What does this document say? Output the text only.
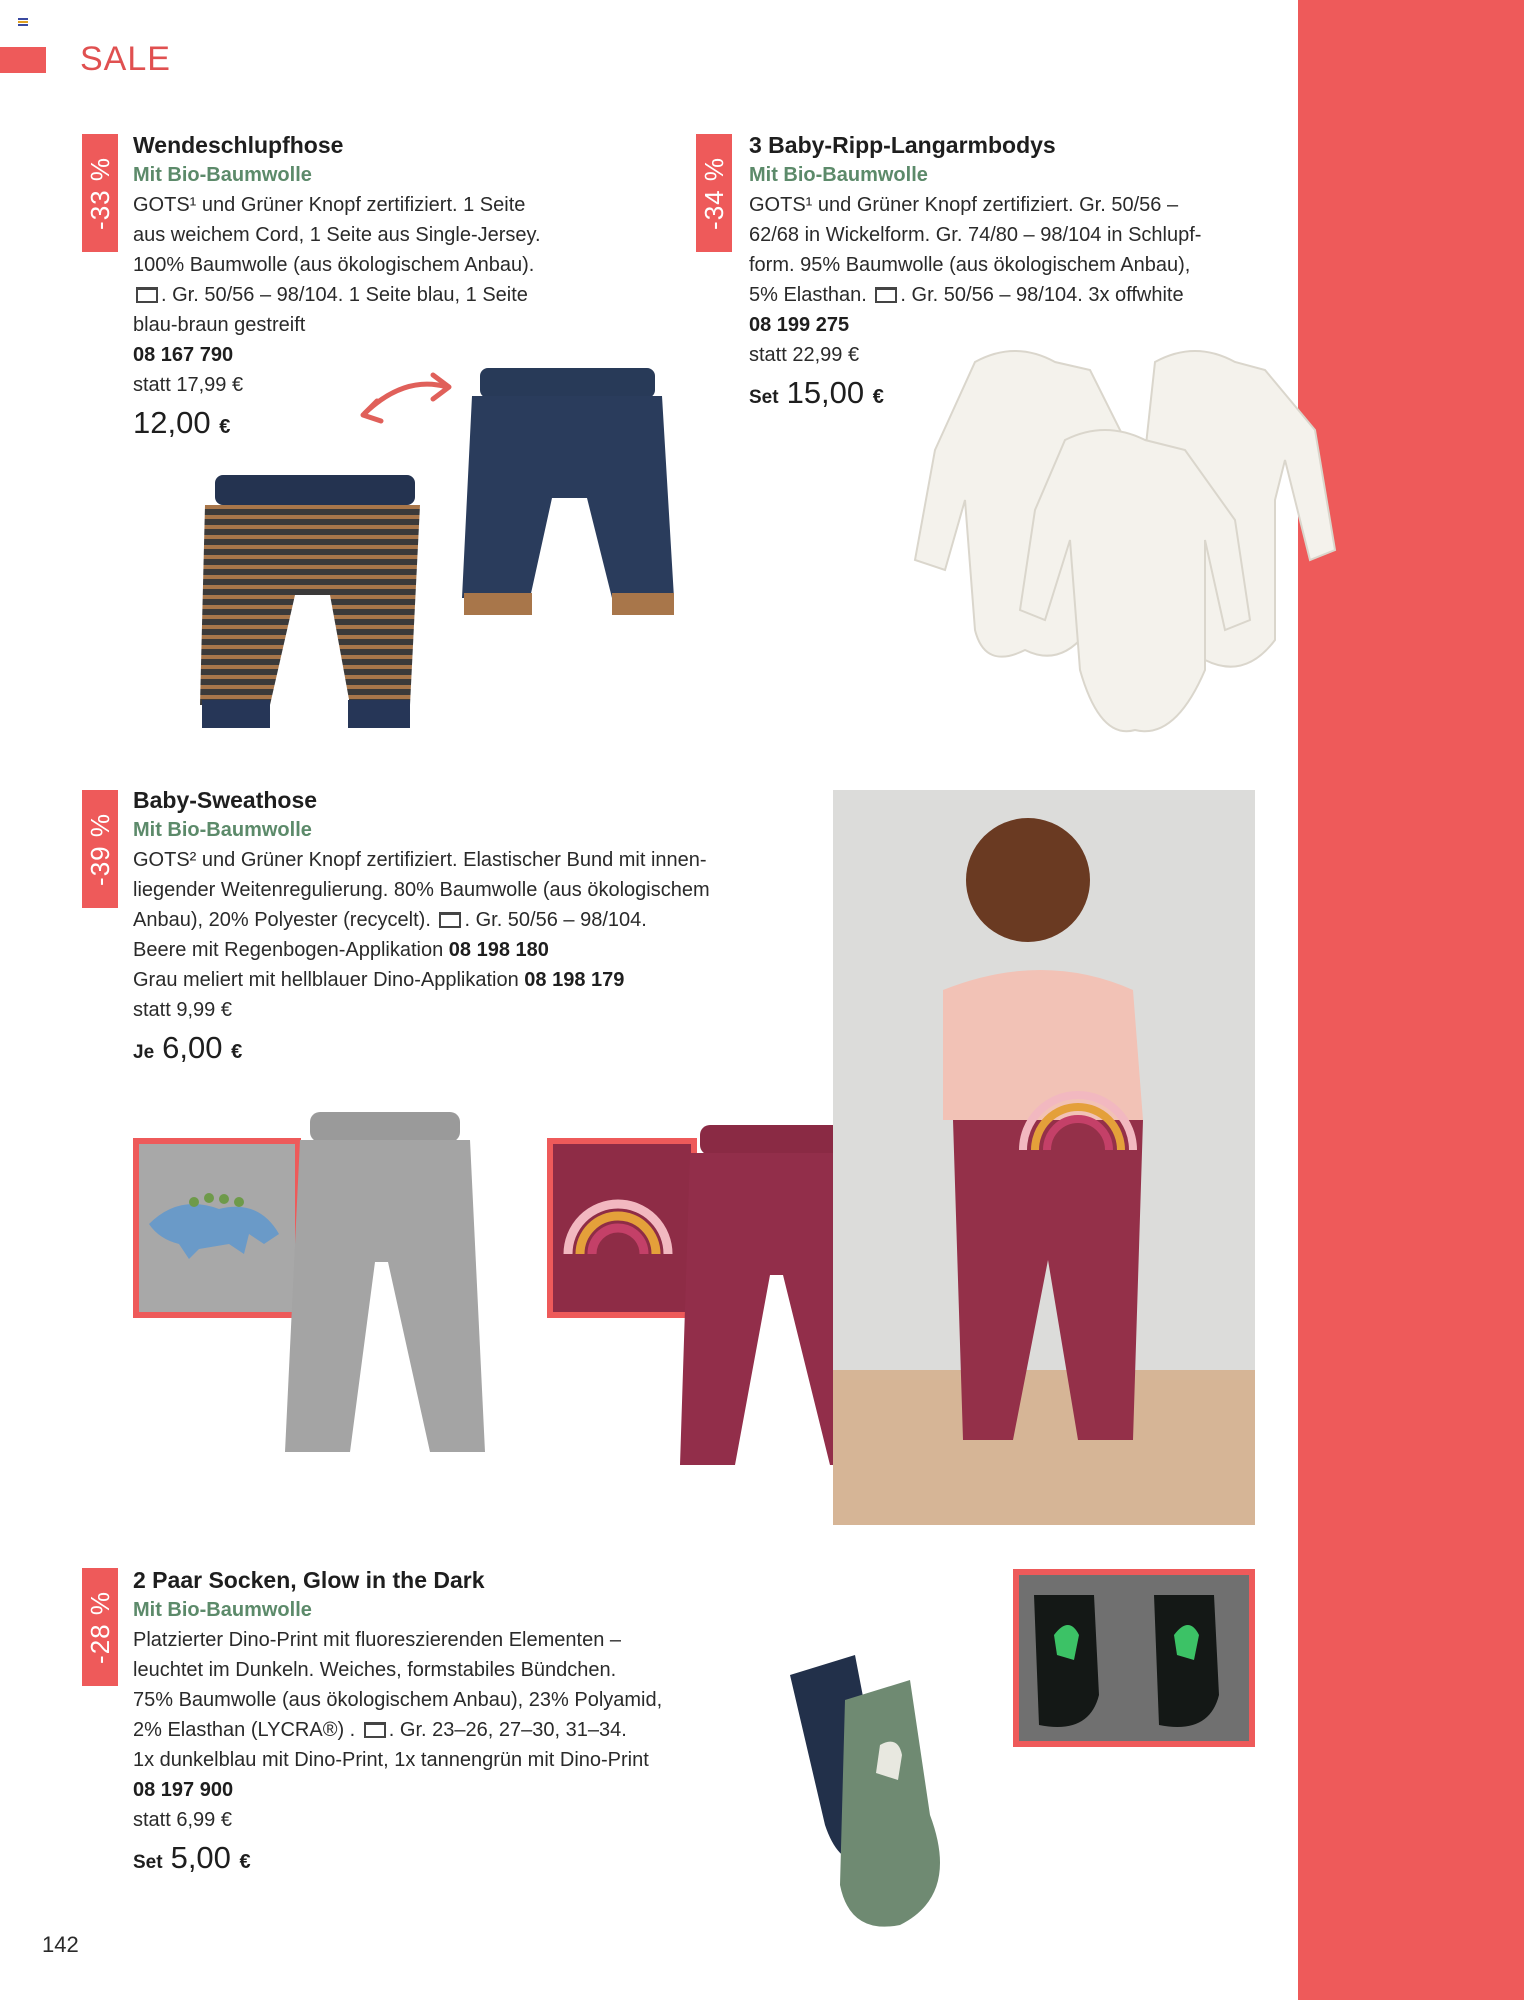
SALE
-33 %
Wendeschlupfhose
Mit Bio-Baumwolle
GOTS¹ und Grüner Knopf zertifiziert. 1 Seite
aus weichem Cord, 1 Seite aus Single-Jersey.
100% Baumwolle (aus ökologischem Anbau).
. Gr. 50/56 – 98/104. 1 Seite blau, 1 Seite
blau-braun gestreift
08 167 790
statt 17,99 €
12,00 €
-34 %
3 Baby-Ripp-Langarmbodys
Mit Bio-Baumwolle
GOTS¹ und Grüner Knopf zertifiziert. Gr. 50/56 –
62/68 in Wickelform. Gr. 74/80 – 98/104 in Schlupf-
form. 95% Baumwolle (aus ökologischem Anbau),
5% Elasthan. . Gr. 50/56 – 98/104. 3x offwhite
08 199 275
statt 22,99 €
Set 15,00 €
-39 %
Baby-Sweathose
Mit Bio-Baumwolle
GOTS² und Grüner Knopf zertifiziert. Elastischer Bund mit innen-
liegender Weitenregulierung. 80% Baumwolle (aus ökologischem
Anbau), 20% Polyester (recycelt). . Gr. 50/56 – 98/104.
Beere mit Regenbogen-Applikation 08 198 180
Grau meliert mit hellblauer Dino-Applikation 08 198 179
statt 9,99 €
Je 6,00 €
-28 %
2 Paar Socken, Glow in the Dark
Mit Bio-Baumwolle
Platzierter Dino-Print mit fluoreszierenden Elementen –
leuchtet im Dunkeln. Weiches, formstabiles Bündchen.
75% Baumwolle (aus ökologischem Anbau), 23% Polyamid,
2% Elasthan (LYCRA®) . . Gr. 23–26, 27–30, 31–34.
1x dunkelblau mit Dino-Print, 1x tannengrün mit Dino-Print
08 197 900
statt 6,99 €
Set 5,00 €
142
